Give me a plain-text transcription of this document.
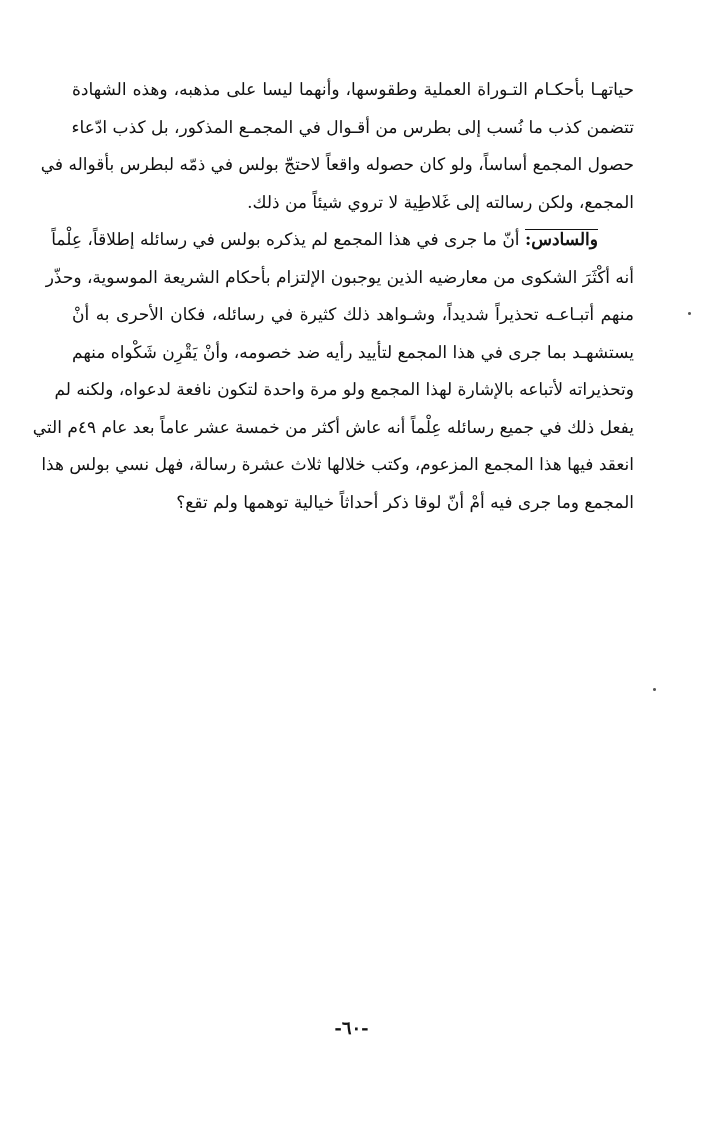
حياتهـا بأحكـام التـوراة العملية وطقوسها، وأنهما ليسا على مذهبه، وهذه الشهادة
تتضمن كذب ما نُسب إلى بطرس من أقـوال في المجمـع المذكور، بل كذب ادّعاء
حصول المجمع أساساً، ولو كان حصوله واقعاً لاحتجّ بولس في ذمّه لبطرس بأقواله في
المجمع، ولكن رسالته إلى غَلاطِية لا تروي شيئاً من ذلك.
والسادس: أنّ ما جرى في هذا المجمع لم يذكره بولس في رسائله إطلاقاً، عِلْماً
أنه أكْثَرَ الشكوى من معارضيه الذين يوجبون الإلتزام بأحكام الشريعة الموسوية، وحذّر
منهم أتبـاعـه تحذيراً شديداً، وشـواهد ذلك كثيرة في رسائله، فكان الأحرى به أنْ
يستشهـد بما جرى في هذا المجمع لتأييد رأيه ضد خصومه، وأنْ يَقْرِن شَكْواه منهم
وتحذيراته لأتباعه بالإشارة لهذا المجمع ولو مرة واحدة لتكون نافعة لدعواه، ولكنه لم
يفعل ذلك في جميع رسائله عِلْماً أنه عاش أكثر من خمسة عشر عاماً بعد عام ٤٩م التي
انعقد فيها هذا المجمع المزعوم، وكتب خلالها ثلاث عشرة رسالة، فهل نسي بولس هذا
المجمع وما جرى فيه أمْ أنّ لوقا ذكر أحداثاً خيالية توهمها ولم تقع؟
-٦٠-
